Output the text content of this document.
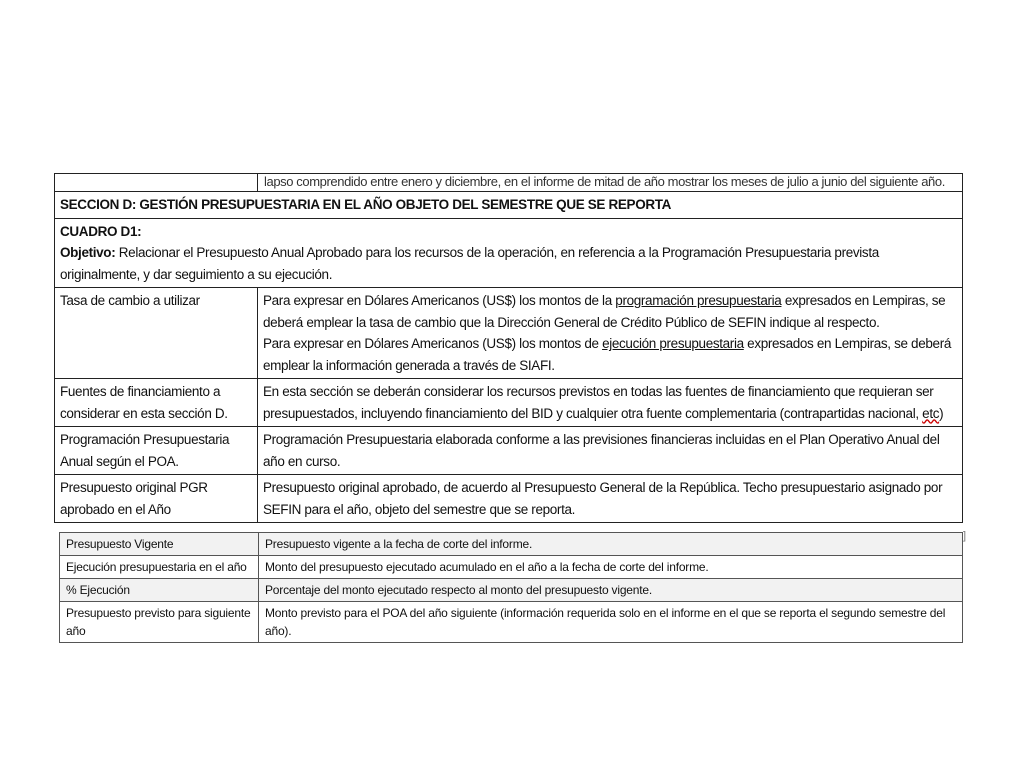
	lapso comprendido entre enero y diciembre, en el informe de mitad de año mostrar los meses de julio a junio del siguiente año.

SECCION D: GESTIÓN PRESUPUESTARIA EN EL AÑO OBJETO DEL SEMESTRE QUE SE REPORTA	

CUADRO D1:
Objetivo: Relacionar el Presupuesto Anual Aprobado para los recursos de la operación, en referencia a la Programación Presupuestaria prevista originalmente, y dar seguimiento a su ejecución.	

Tasa de cambio a utilizar	Para expresar en Dólares Americanos (US$) los montos de la programación presupuestaria expresados en Lempiras, se deberá emplear la tasa de cambio que la Dirección General de Crédito Público de SEFIN indique al respecto.
Para expresar en Dólares Americanos (US$) los montos de ejecución presupuestaria expresados en Lempiras, se deberá emplear la información generada a través de SIAFI.

Fuentes de financiamiento a considerar en esta sección D.	En esta sección se deberán considerar los recursos previstos en todas las fuentes de financiamiento que requieran ser presupuestados, incluyendo financiamiento del BID y cualquier otra fuente complementaria (contrapartidas nacional, etc)
Programación Presupuestaria Anual según el POA.	Programación Presupuestaria elaborada conforme a las previsiones financieras incluidas en el Plan Operativo Anual del año en curso.
Presupuesto original PGR aprobado en el Año	Presupuesto original aprobado, de acuerdo al Presupuesto General de la República. Techo presupuestario asignado por SEFIN para el año, objeto del semestre que se reporta.
Presupuesto Vigente	Presupuesto vigente a la fecha de corte del informe.
Ejecución presupuestaria en el año	Monto del presupuesto ejecutado acumulado en el año a la fecha de corte del informe.
% Ejecución	Porcentaje del monto ejecutado respecto al monto del presupuesto vigente.
Presupuesto previsto para siguiente año	Monto previsto para el POA del año siguiente (información requerida solo en el informe en el que se reporta el segundo semestre del año).
]
